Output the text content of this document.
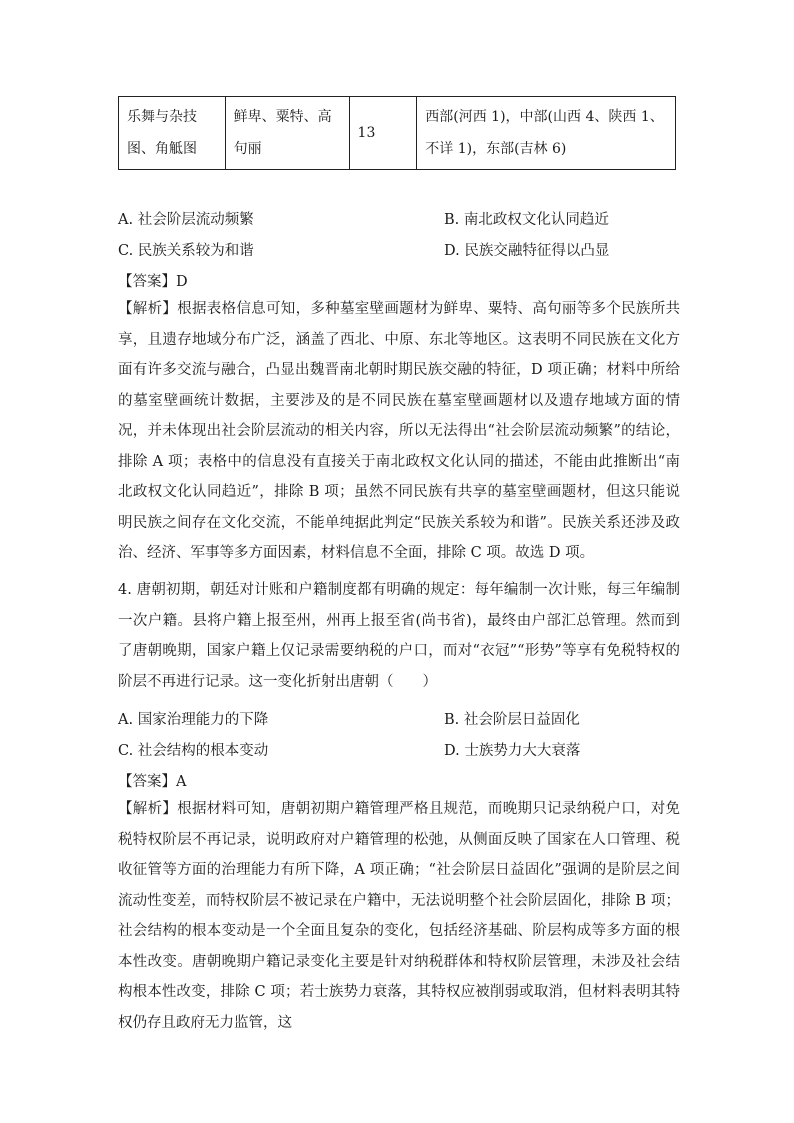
乐舞与杂技图、角觝图	鲜卑、粟特、高句丽	13	西部(河西 1)，中部(山西 4、陕西 1、不详 1)，东部(吉林 6)
A. 社会阶层流动频繁	B. 南北政权文化认同趋近
C. 民族关系较为和谐	D. 民族交融特征得以凸显
【答案】D

【解析】根据表格信息可知，多种墓室壁画题材为鲜卑、粟特、高句丽等多个民族所共享，且遗存地域分布广泛，涵盖了西北、中原、东北等地区。这表明不同民族在文化方面有许多交流与融合，凸显出魏晋南北朝时期民族交融的特征，D 项正确；材料中所给的墓室壁画统计数据，主要涉及的是不同民族在墓室壁画题材以及遗存地域方面的情况，并未体现出社会阶层流动的相关内容，所以无法得出“社会阶层流动频繁”的结论，排除 A 项；表格中的信息没有直接关于南北政权文化认同的描述，不能由此推断出“南北政权文化认同趋近”，排除 B 项；虽然不同民族有共享的墓室壁画题材，但这只能说明民族之间存在文化交流，不能单纯据此判定“民族关系较为和谐”。民族关系还涉及政治、经济、军事等多方面因素，材料信息不全面，排除 C 项。故选 D 项。

4. 唐朝初期，朝廷对计账和户籍制度都有明确的规定：每年编制一次计账，每三年编制一次户籍。县将户籍上报至州，州再上报至省(尚书省)，最终由户部汇总管理。然而到了唐朝晚期，国家户籍上仅记录需要纳税的户口，而对“衣冠”“形势”等享有免税特权的阶层不再进行记录。这一变化折射出唐朝（　　）

A. 国家治理能力的下降	B. 社会阶层日益固化
C. 社会结构的根本变动	D. 士族势力大大衰落
【答案】A

【解析】根据材料可知，唐朝初期户籍管理严格且规范，而晚期只记录纳税户口，对免税特权阶层不再记录，说明政府对户籍管理的松弛，从侧面反映了国家在人口管理、税收征管等方面的治理能力有所下降，A 项正确；“社会阶层日益固化”强调的是阶层之间流动性变差，而特权阶层不被记录在户籍中，无法说明整个社会阶层固化，排除 B 项；社会结构的根本变动是一个全面且复杂的变化，包括经济基础、阶层构成等多方面的根本性改变。唐朝晚期户籍记录变化主要是针对纳税群体和特权阶层管理，未涉及社会结构根本性改变，排除 C 项；若士族势力衰落，其特权应被削弱或取消，但材料表明其特权仍存且政府无力监管，这
